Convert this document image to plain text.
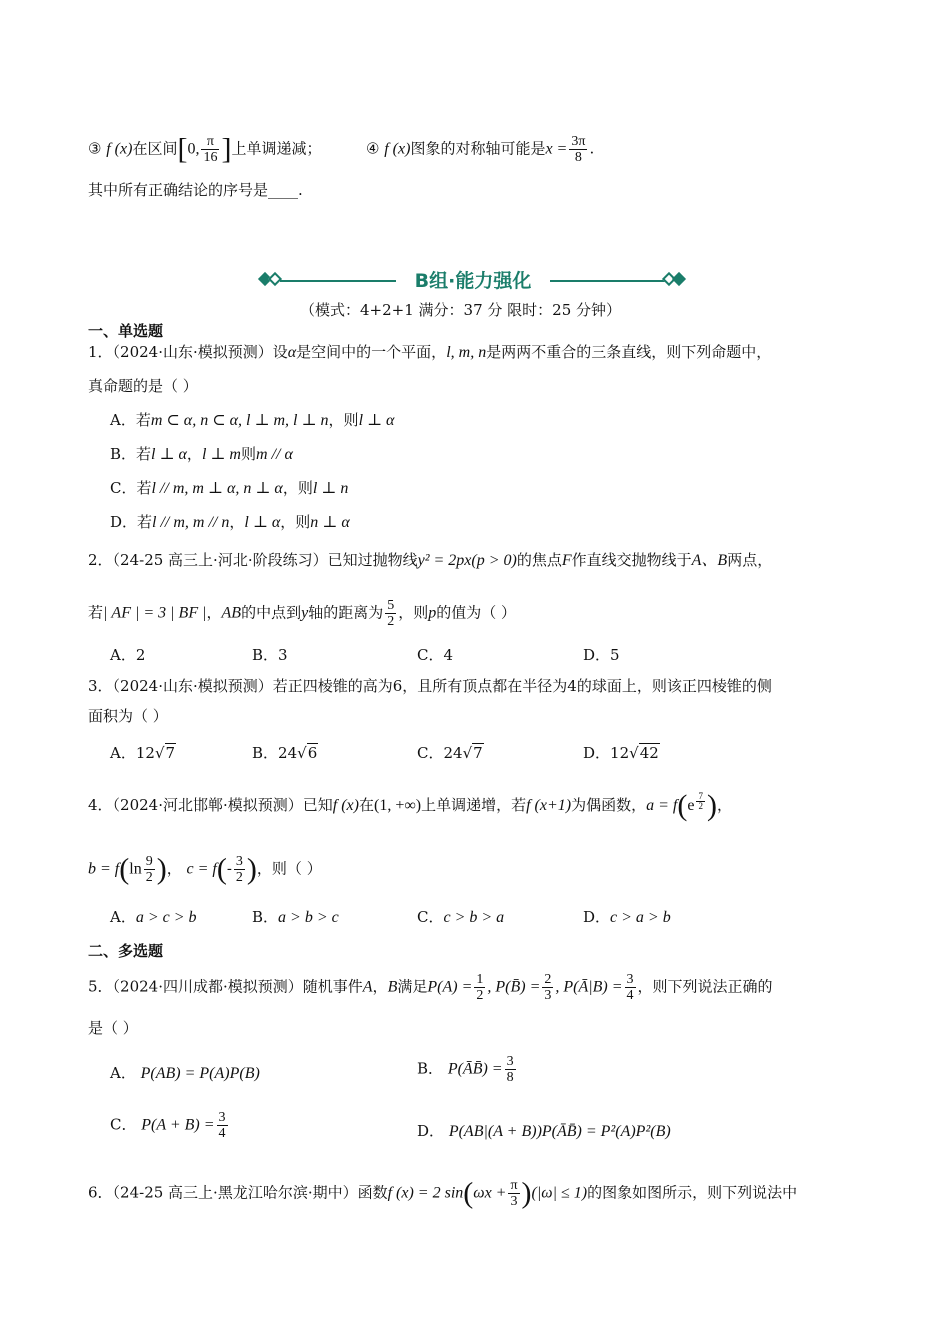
③ f (x)在区间[0, $\frac{\pi}{16}$ ]上单调递减；	④ f (x)图象的对称轴可能是$x = \frac{3\pi}{8}$ .
其中所有正确结论的序号是____.
B组·能力强化
（模式：4+2+1 满分：37 分 限时：25 分钟）
一、单选题
1．（2024·山东·模拟预测）设α是空间中的一个平面，l, m, n是两两不重合的三条直线，则下列命题中，
真命题的是（ ）
A．若m ⊂ α, n ⊂ α, l ⊥ m, l ⊥ n，则l ⊥ α
B．若l ⊥ α，l ⊥ m则m // α
C．若l // m, m ⊥ α, n ⊥ α，则l ⊥ n
D．若l // m, m // n，l ⊥ α，则n ⊥ α
2．（24-25 高三上·河北·阶段练习）已知过抛物线y² = 2px(p > 0)的焦点F作直线交抛物线于A、B两点，
若| AF | = 3 | BF |，AB的中点到y轴的距离为 $\frac{5}{2}$ ，则p的值为（ ）
A．2	B．3	C．4	D．5
3．（2024·山东·模拟预测）若正四棱锥的高为6，且所有顶点都在半径为4的球面上，则该正四棱锥的侧
面积为（ ）
A．12√7	B．24√6	C．24√7	D．12√42
4．（2024·河北邯郸·模拟预测）已知f (x)在(1, +∞)上单调递增，若f (x+1)为偶函数，a = f(e $^{\frac{7}{2}}$ )，
$b = f(\ln \frac{9}{2}$ )， $c = f(- \frac{3}{2}$ )，则（ ）
A．a > c > b	B．a > b > c	C．c > b > a	D．c > a > b
二、多选题
5．（2024·四川成都·模拟预测）随机事件A，B满足$P(A) = \frac{1}{2}$ , P(B̄) = $\frac{2}{3}$ , P(Ā|B) = $\frac{3}{4}$ ，则下列说法正确的
是（ ）
A． P(AB) = P(A)P(B)	B． P(ĀB̄) = $\frac{3}{8}$
C． $P(A + B) = \frac{3}{4}$	D． P(AB|(A + B))P(ĀB̄) = P²(A)P²(B)
6．（24-25 高三上·黑龙江哈尔滨·期中）函数f (x) = 2 $\sin(\omega x + \frac{\pi}{3} )(|\omega| \le 1)$的图象如图所示，则下列说法中
